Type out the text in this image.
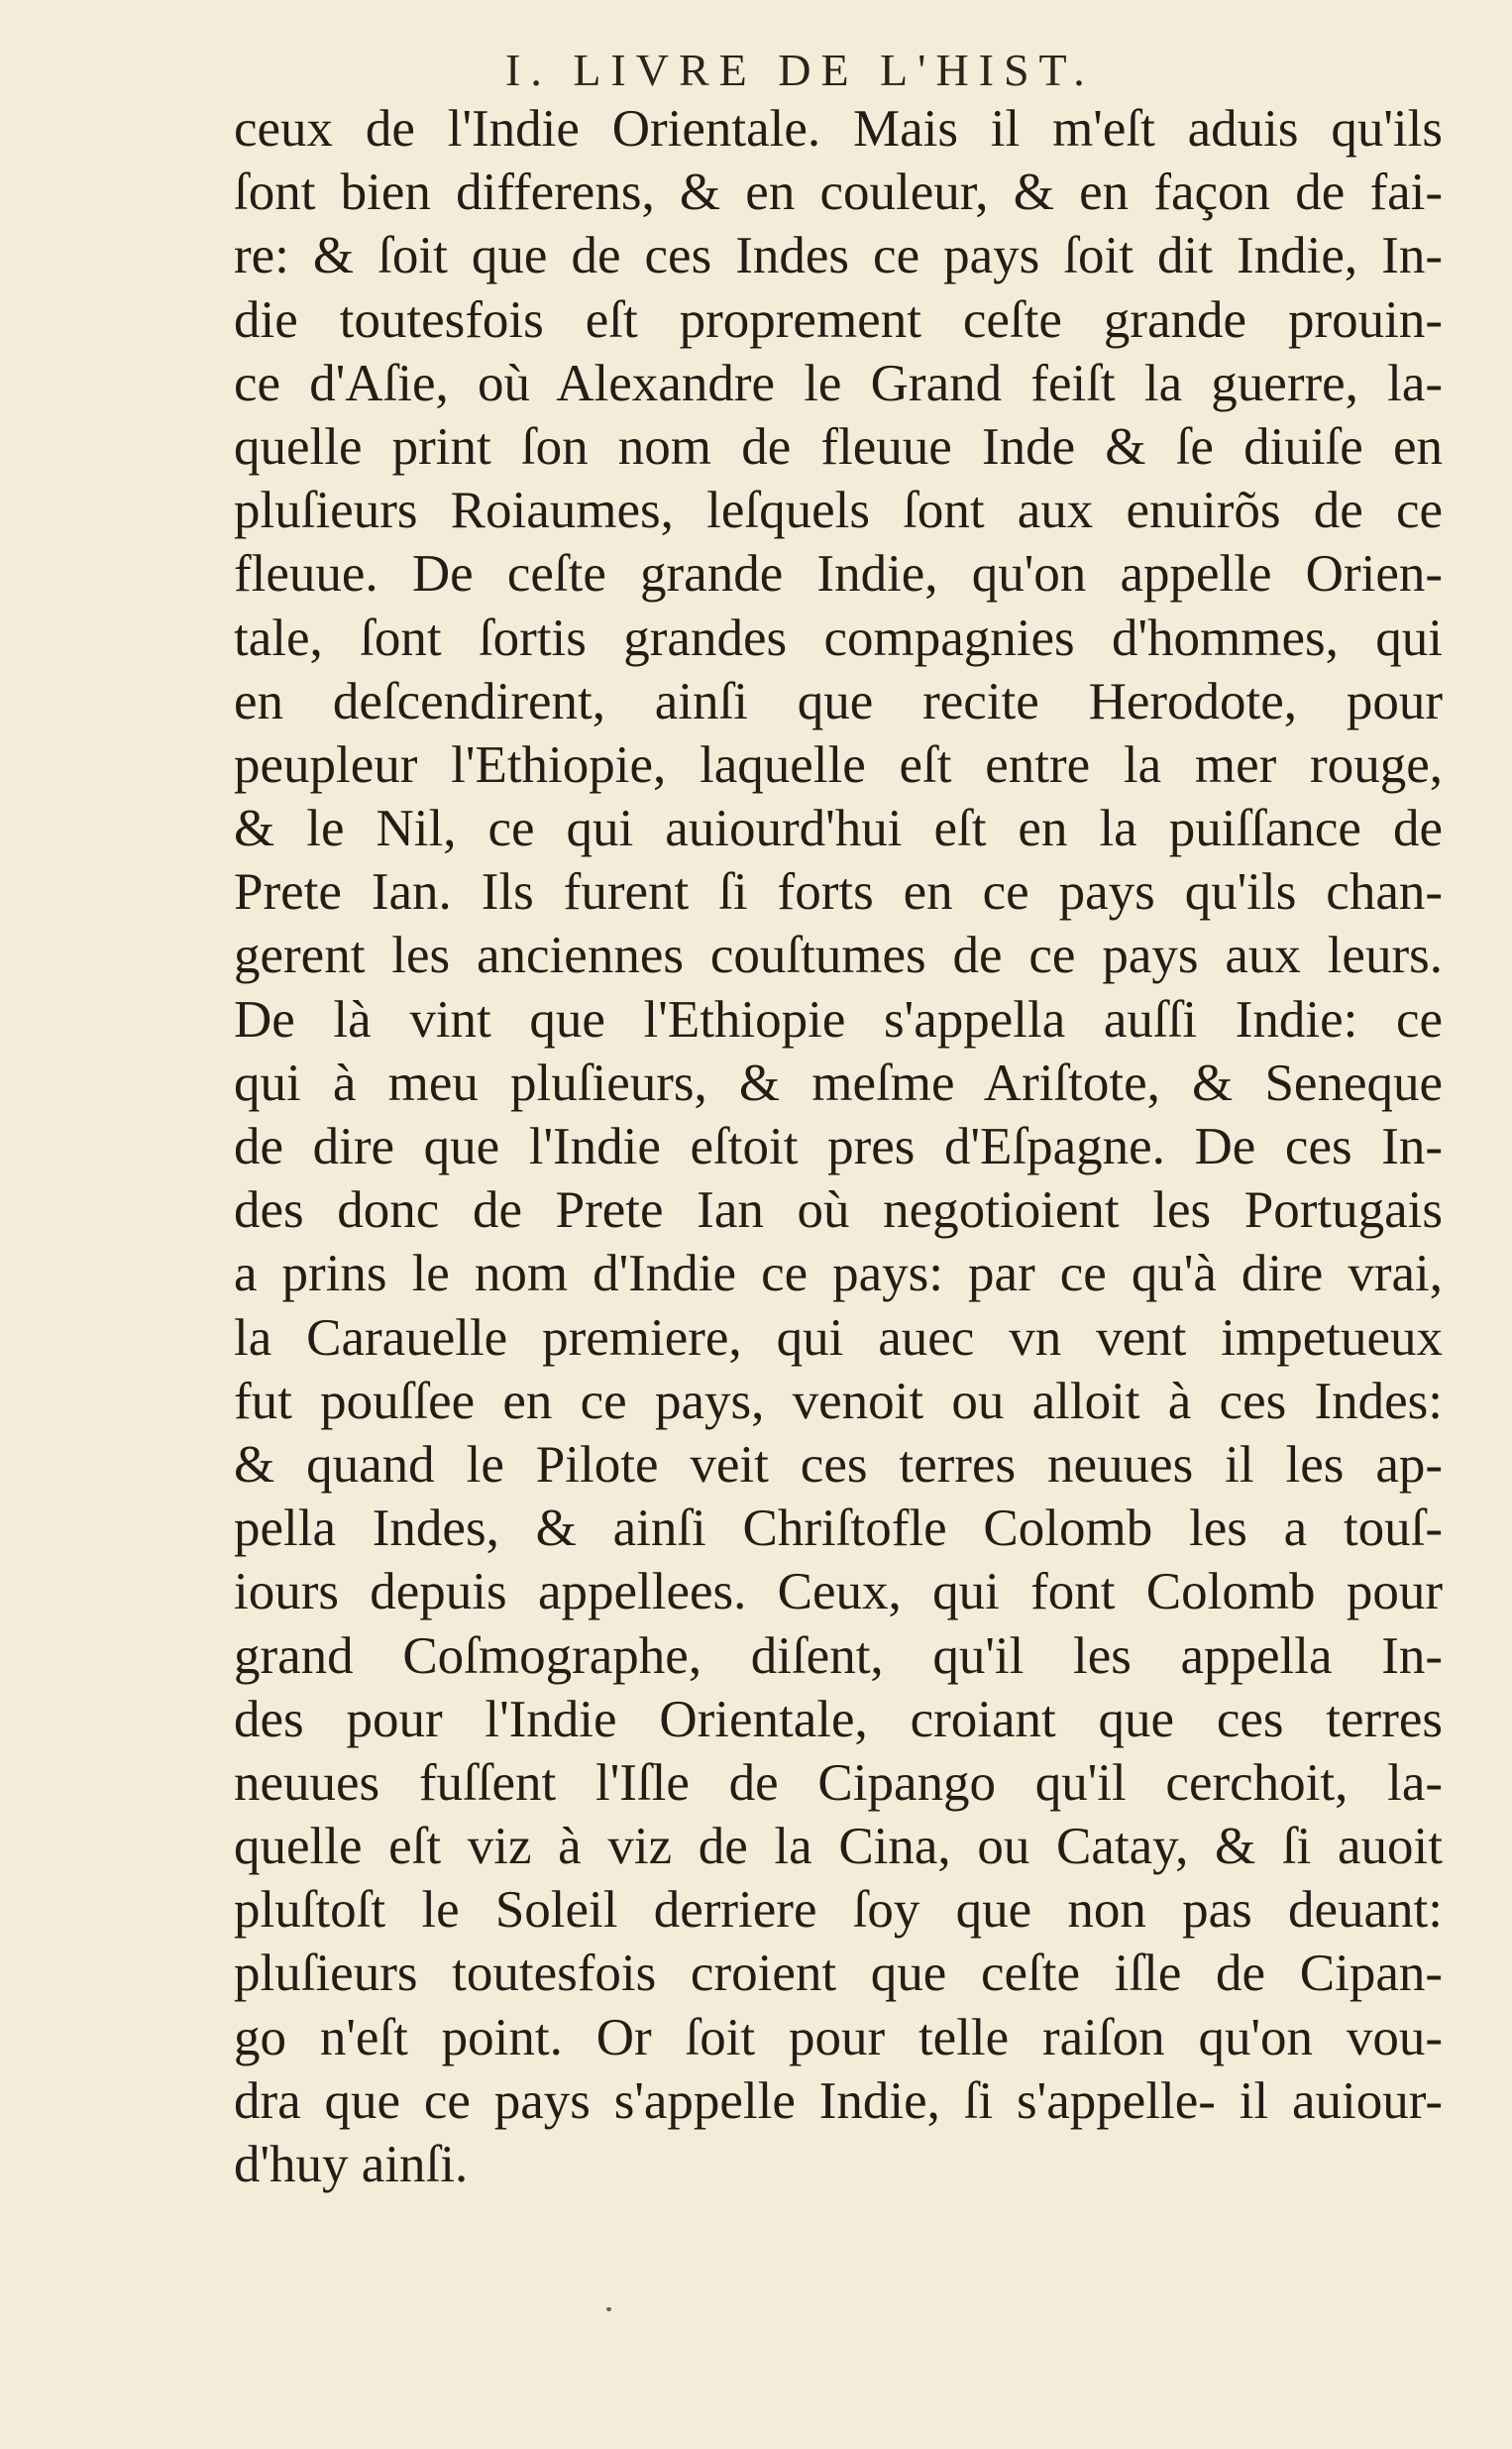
I. LIVRE DE L'HIST.
ceux de l'Indie Orientale. Mais il m'eſt aduis qu'ils
ſont bien differens, & en couleur, & en façon de fai-
re: & ſoit que de ces Indes ce pays ſoit dit Indie, In-
die toutesfois eſt proprement ceſte grande prouin-
ce d'Aſie, où Alexandre le Grand feiſt la guerre, la-
quelle print ſon nom de fleuue Inde & ſe diuiſe en
pluſieurs Roiaumes, leſquels ſont aux enuirõs de ce
fleuue. De ceſte grande Indie, qu'on appelle Orien-
tale, ſont ſortis grandes compagnies d'hommes, qui
en deſcendirent, ainſi que recite Herodote, pour
peupleur l'Ethiopie, laquelle eſt entre la mer rouge,
& le Nil, ce qui auiourd'hui eſt en la puiſſance de
Prete Ian. Ils furent ſi forts en ce pays qu'ils chan-
gerent les anciennes couſtumes de ce pays aux leurs.
De là vint que l'Ethiopie s'appella auſſi Indie: ce
qui à meu pluſieurs, & meſme Ariſtote, & Seneque
de dire que l'Indie eſtoit pres d'Eſpagne. De ces In-
des donc de Prete Ian où negotioient les Portugais
a prins le nom d'Indie ce pays: par ce qu'à dire vrai,
la Carauelle premiere, qui auec vn vent impetueux
fut pouſſee en ce pays, venoit ou alloit à ces Indes:
& quand le Pilote veit ces terres neuues il les ap-
pella Indes, & ainſi Chriſtofle Colomb les a touſ-
iours depuis appellees. Ceux, qui font Colomb pour
grand Coſmographe, diſent, qu'il les appella In-
des pour l'Indie Orientale, croiant que ces terres
neuues fuſſent l'Iſle de Cipango qu'il cerchoit, la-
quelle eſt viz à viz de la Cina, ou Catay, & ſi auoit
pluſtoſt le Soleil derriere ſoy que non pas deuant:
pluſieurs toutesfois croient que ceſte iſle de Cipan-
go n'eſt point. Or ſoit pour telle raiſon qu'on vou-
dra que ce pays s'appelle Indie, ſi s'appelle- il auiour-
d'huy ainſi.
